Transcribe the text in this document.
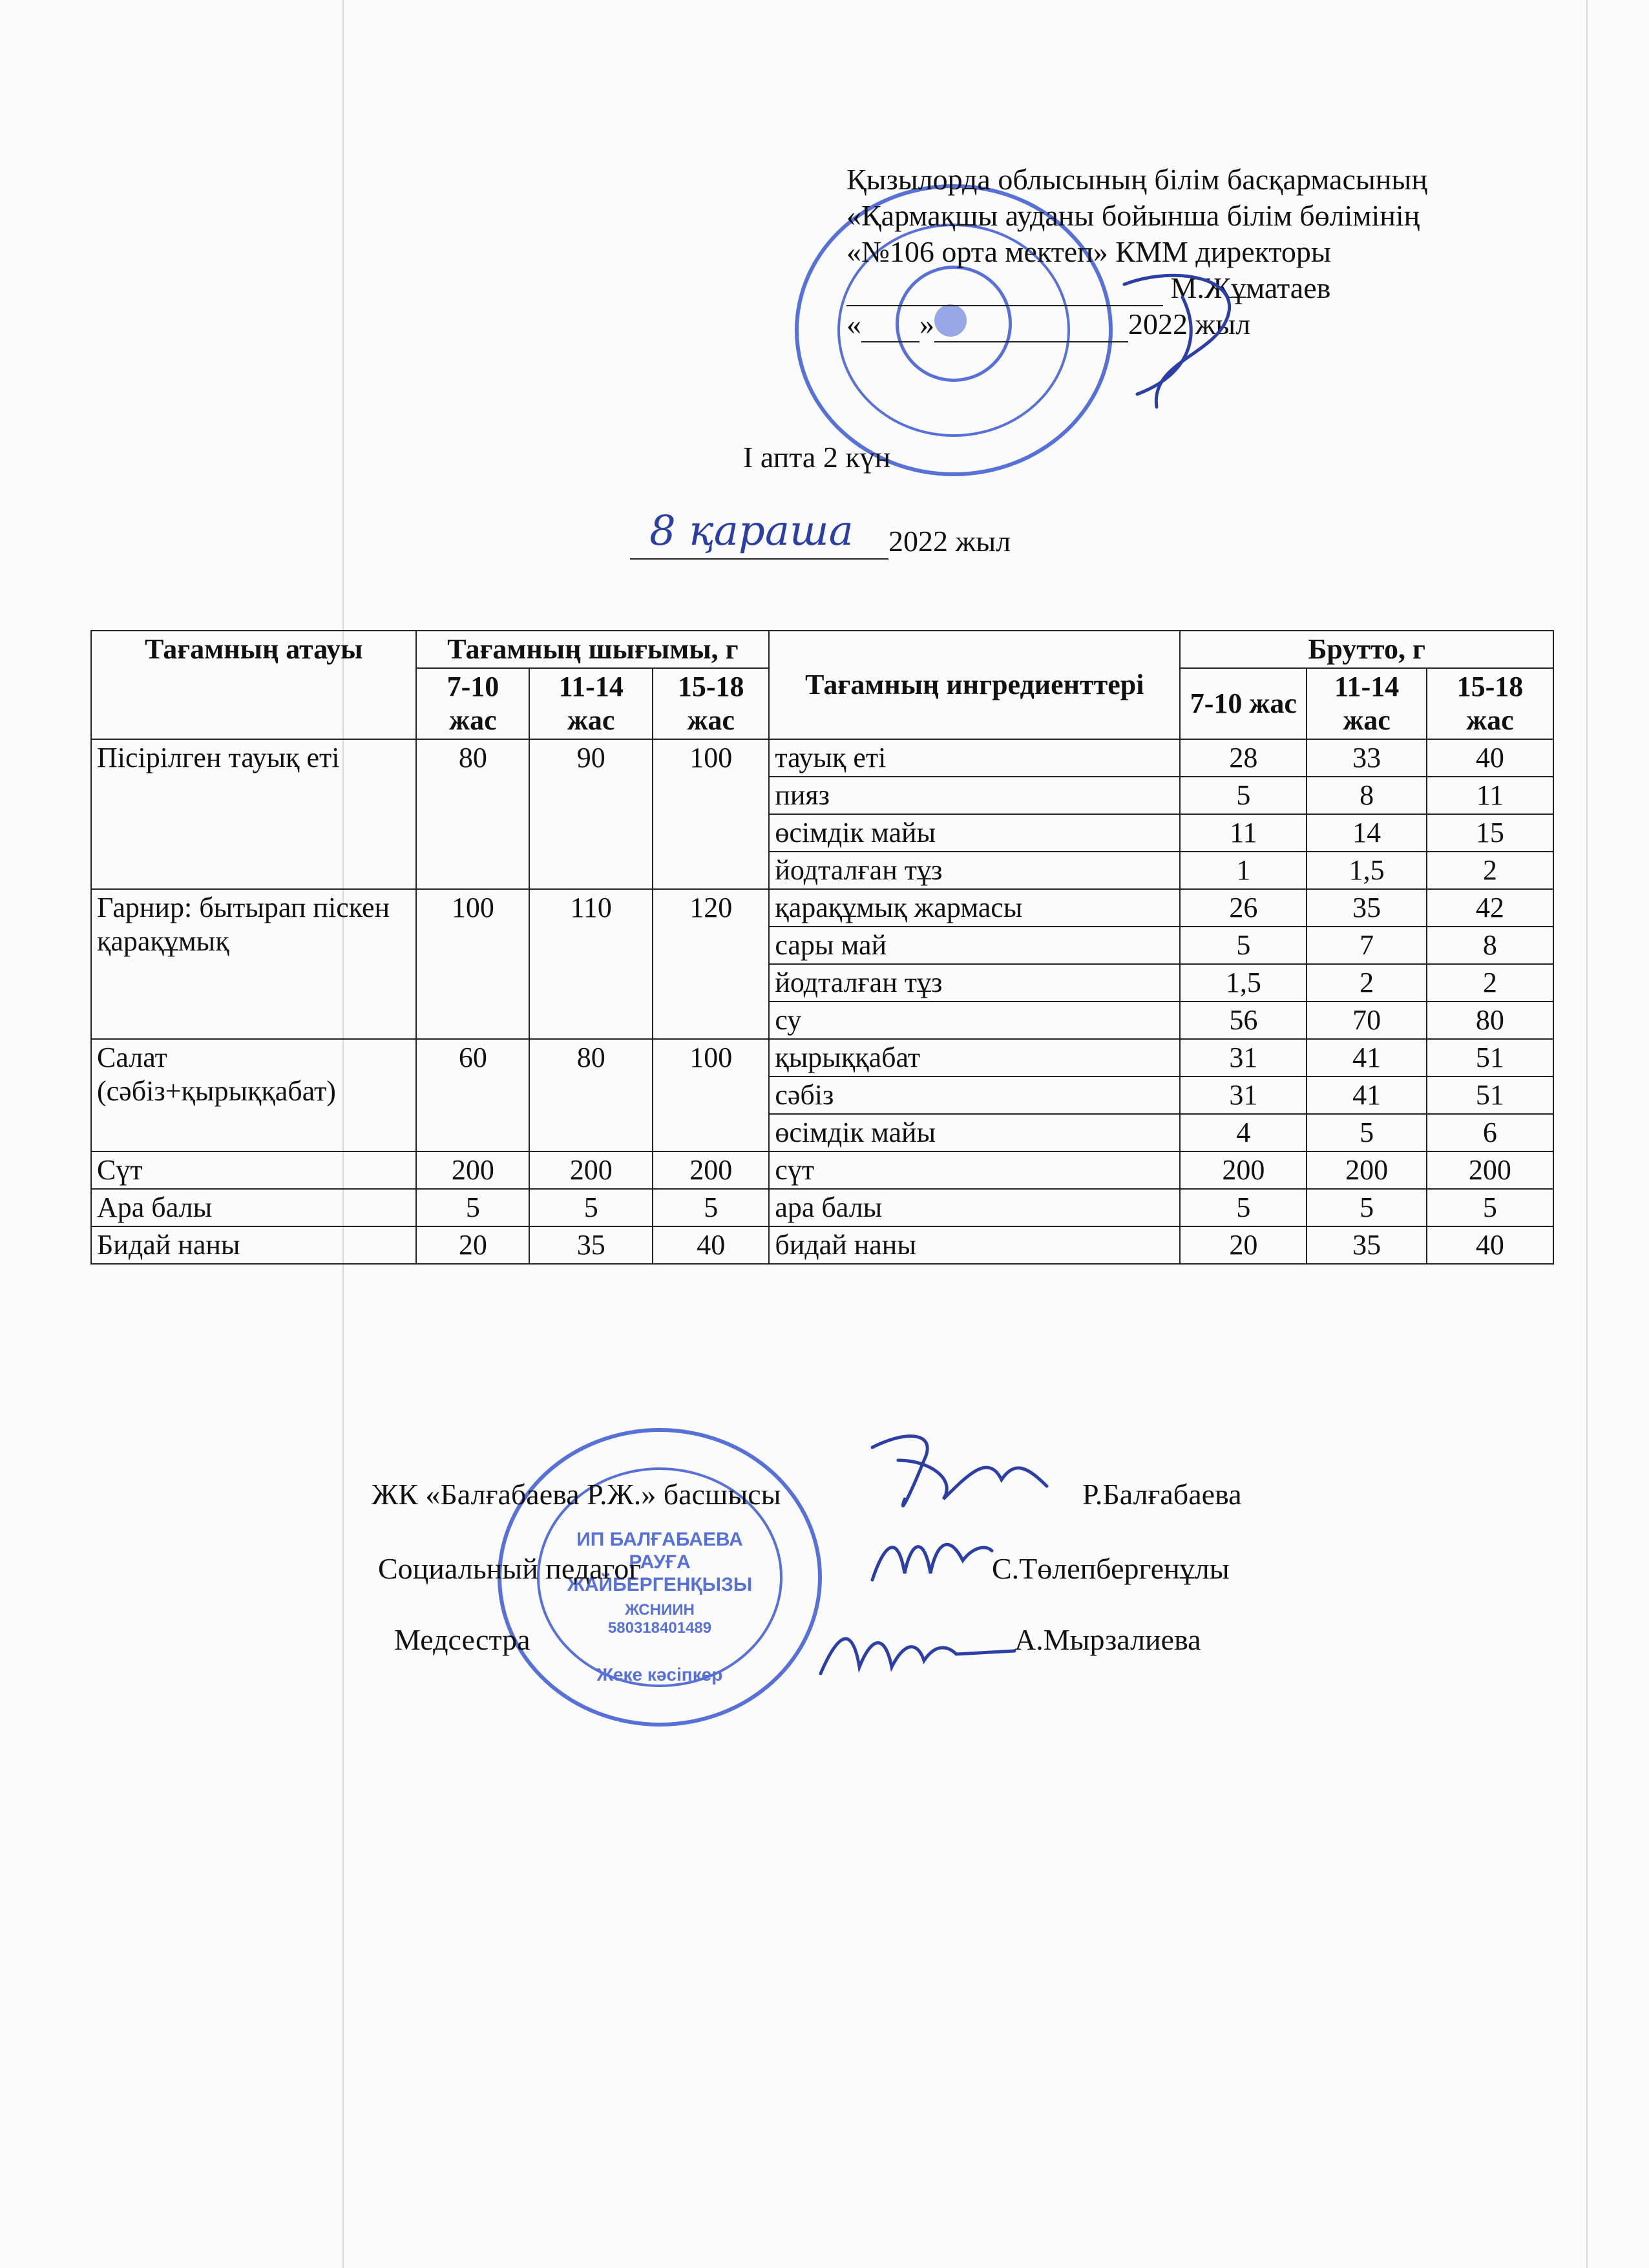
Қызылорда облысының білім басқармасының
«Қармақшы ауданы бойынша білім бөлімінің
«№106 орта мектеп» КММ директоры
М.Жұматаев
« »	2022 жыл
І апта 2 күн
8 қараша 2022 жыл
Тағамның атауы	Тағамның шығымы, г			Тағамның ингредиенттері	Брутто, г		
	7-10 жас	11-14 жас	15-18 жас		7-10 жас	11-14 жас	15-18 жас
Пісірілген тауық еті	80	90	100	тауық еті	28	33	40
				пияз	5	8	11
				өсімдік майы	11	14	15
				йодталған тұз	1	1,5	2
Гарнир: бытырап піскен қарақұмық	100	110	120	қарақұмық жармасы	26	35	42
				сары май	5	7	8
				йодталған тұз	1,5	2	2
				су	56	70	80
Салат (сәбіз+қырыққабат)	60	80	100	қырыққабат	31	41	51
				сәбіз	31	41	51
				өсімдік майы	4	5	6
Сүт	200	200	200	сүт	200	200	200
Ара балы	5	5	5	ара балы	5	5	5
Бидай наны	20	35	40	бидай наны	20	35	40
ИП БАЛҒАБАЕВА
РАУҒА
ЖАЙБЕРГЕНҚЫЗЫ
ЖСНИИН
580318401489
Жеке кәсіпкер
ЖК «Балғабаева Р.Ж.» басшысы	Р.Балғабаева
Социальный педагог	С.Төлепбергенұлы
Медсестра	А.Мырзалиева
